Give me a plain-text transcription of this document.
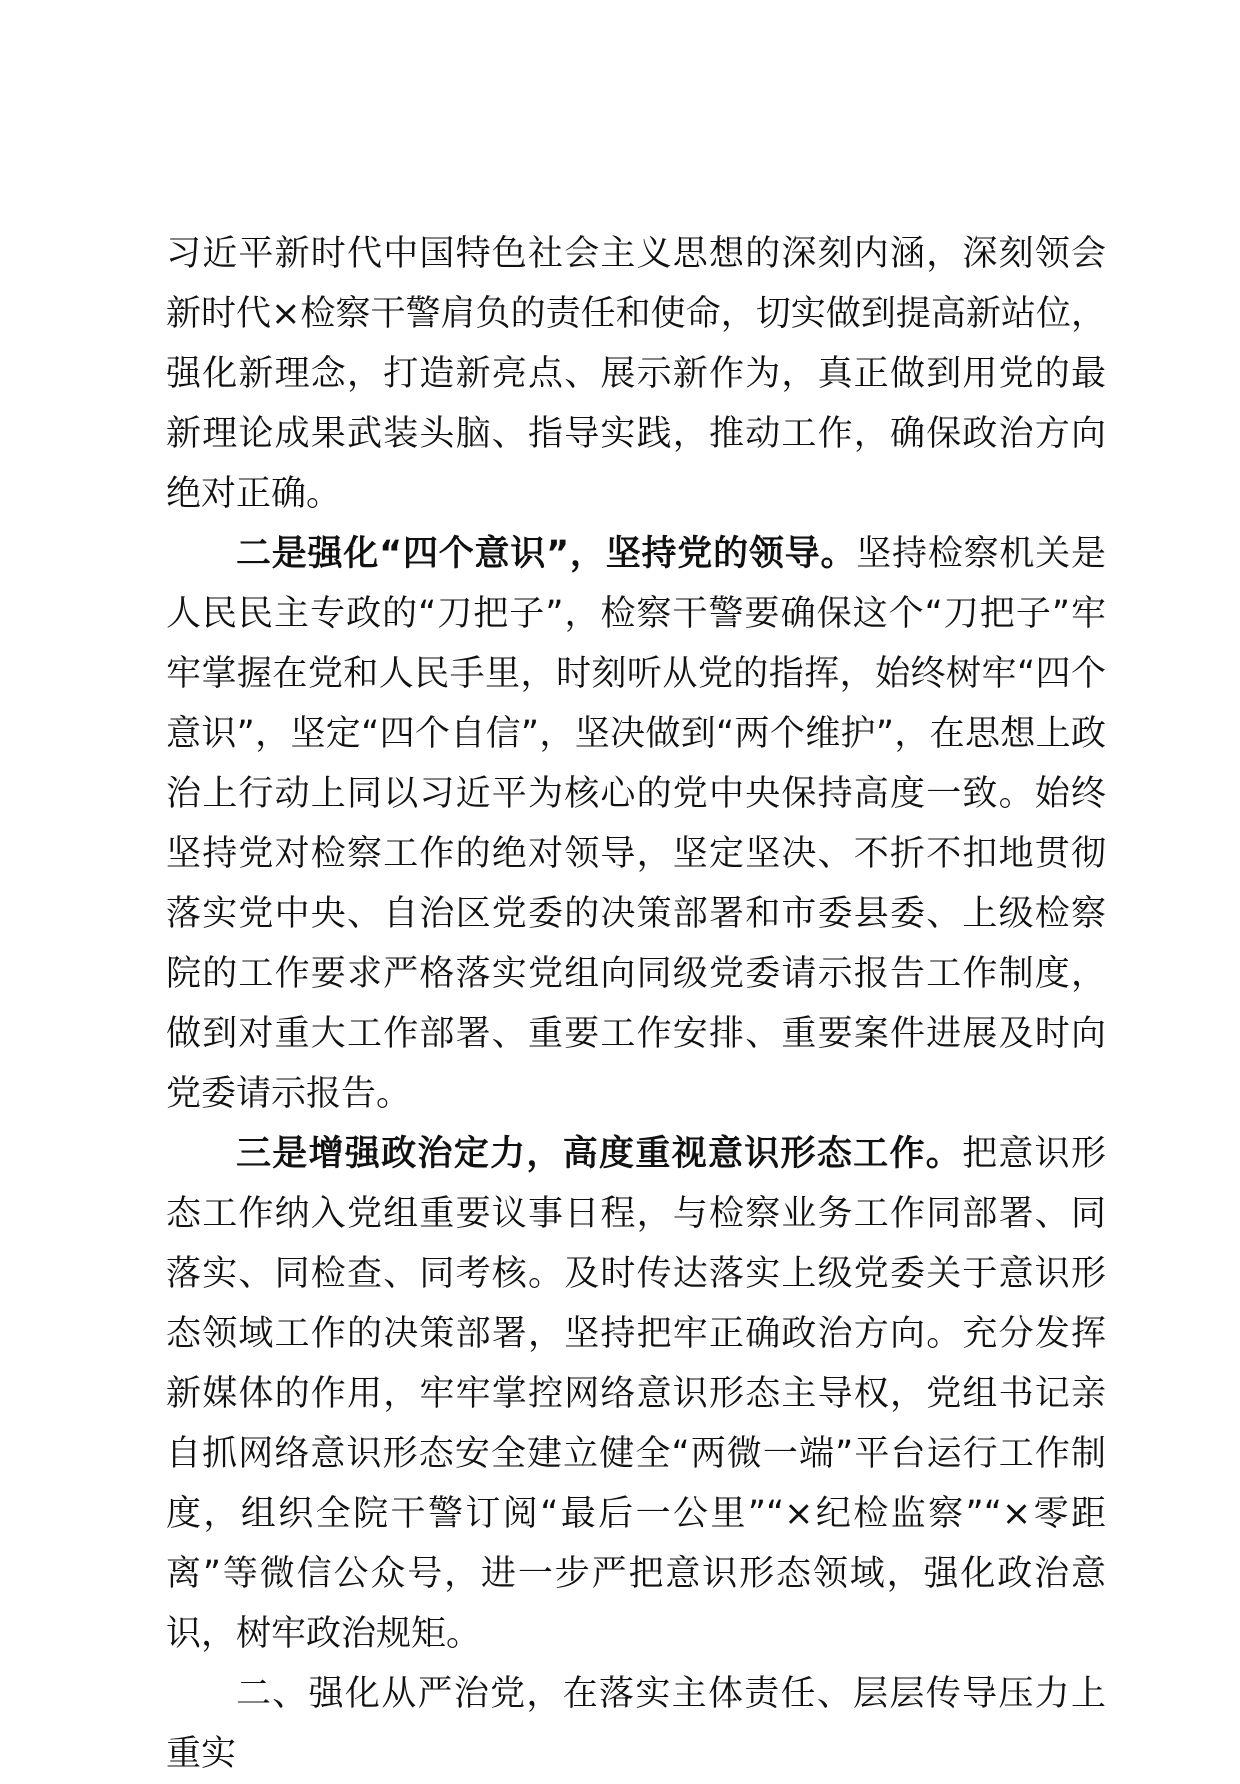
习近平新时代中国特色社会主义思想的深刻内涵，深刻领会新时代×检察干警肩负的责任和使命，切实做到提高新站位，强化新理念，打造新亮点、展示新作为，真正做到用党的最新理论成果武装头脑、指导实践，推动工作，确保政治方向绝对正确。

二是强化“四个意识”，坚持党的领导。坚持检察机关是人民民主专政的“刀把子”，检察干警要确保这个“刀把子”牢牢掌握在党和人民手里，时刻听从党的指挥，始终树牢“四个意识”，坚定“四个自信”，坚决做到“两个维护”，在思想上政治上行动上同以习近平为核心的党中央保持高度一致。始终坚持党对检察工作的绝对领导，坚定坚决、不折不扣地贯彻落实党中央、自治区党委的决策部署和市委县委、上级检察院的工作要求严格落实党组向同级党委请示报告工作制度，做到对重大工作部署、重要工作安排、重要案件进展及时向党委请示报告。

三是增强政治定力，高度重视意识形态工作。把意识形态工作纳入党组重要议事日程，与检察业务工作同部署、同落实、同检查、同考核。及时传达落实上级党委关于意识形态领域工作的决策部署，坚持把牢正确政治方向。充分发挥新媒体的作用，牢牢掌控网络意识形态主导权，党组书记亲自抓网络意识形态安全建立健全“两微一端”平台运行工作制度，组织全院干警订阅“最后一公里”“×纪检监察”“×零距离”等微信公众号，进一步严把意识形态领域，强化政治意识，树牢政治规矩。

二、强化从严治党，在落实主体责任、层层传导压力上重实
